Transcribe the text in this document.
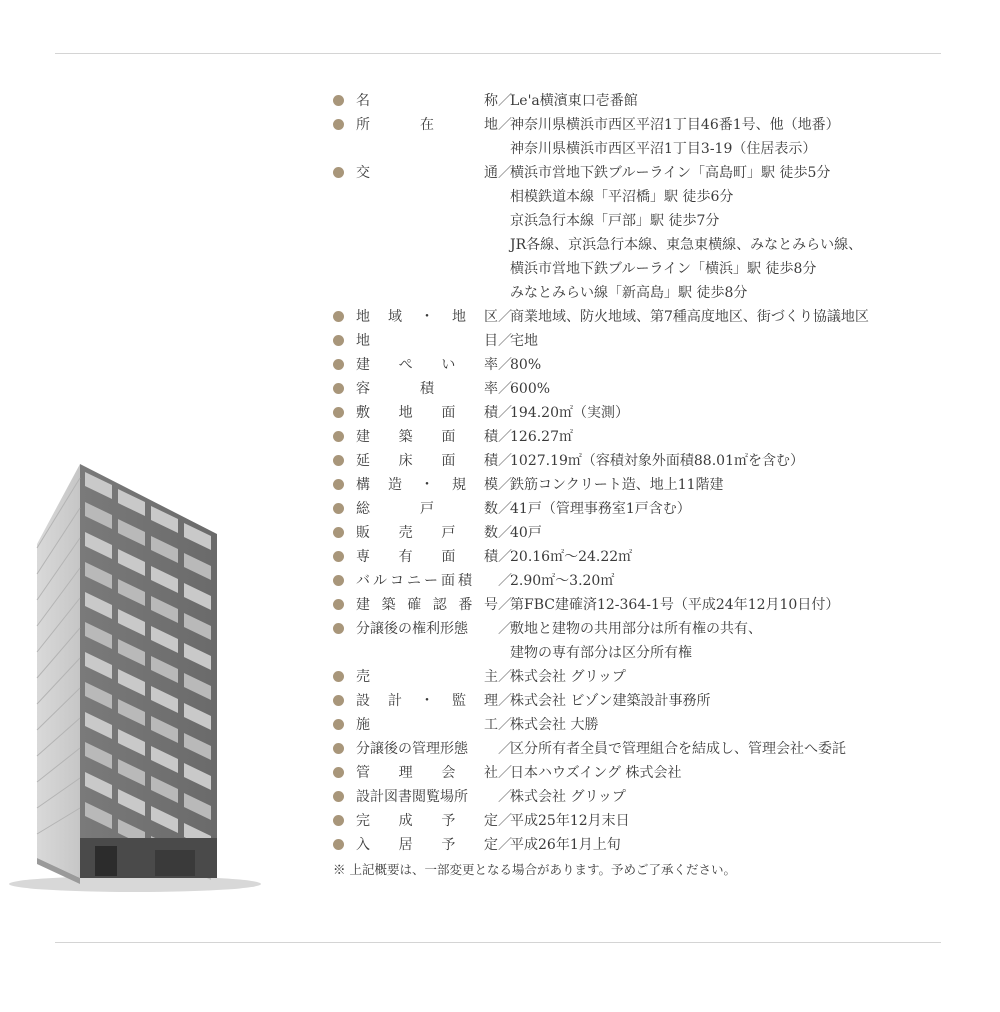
名	称 ／
Le'a横濱東口壱番館
所	在	地 ／
神奈川県横浜市西区平沼1丁目46番1号、他（地番）
神奈川県横浜市西区平沼1丁目3-19（住居表示）
交	通 ／
横浜市営地下鉄ブルーライン「高島町」駅 徒歩5分
相模鉄道本線「平沼橋」駅 徒歩6分
京浜急行本線「戸部」駅 徒歩7分
JR各線、京浜急行本線、東急東横線、みなとみらい線、
横浜市営地下鉄ブルーライン「横浜」駅 徒歩8分
みなとみらい線「新高島」駅 徒歩8分
地 域 ・ 地 区 ／
商業地域、防火地域、第7種高度地区、街づくり協議地区
地	目 ／
宅地
建 ぺ い 率 ／
80%
容	積	率 ／
600%
敷 地 面 積 ／
194.20㎡（実測）
建 築 面 積 ／
126.27㎡
延 床 面 積 ／
1027.19㎡（容積対象外面積88.01㎡を含む）
構 造 ・ 規 模 ／
鉄筋コンクリート造、地上11階建
総	戸	数 ／
41戸（管理事務室1戸含む）
販 売 戸 数 ／
40戸
専 有 面 積 ／
20.16㎡～24.22㎡
バルコニー面積	／
2.90㎡～3.20㎡
建 築 確 認 番 号 ／
第FBC建確済12-364-1号（平成24年12月10日付）
分譲後の権利形態	／
敷地と建物の共用部分は所有権の共有、
建物の専有部分は区分所有権
売	主 ／
株式会社 グリップ
設 計 ・ 監 理 ／
株式会社 ビゾン建築設計事務所
施	工 ／
株式会社 大勝
分譲後の管理形態	／
区分所有者全員で管理組合を結成し、管理会社へ委託
管 理 会 社 ／
日本ハウズイング 株式会社
設計図書閲覧場所	／
株式会社 グリップ
完 成 予 定 ／
平成25年12月末日
入 居 予 定 ／
平成26年1月上旬
※ 上記概要は、一部変更となる場合があります。予めご了承ください。
